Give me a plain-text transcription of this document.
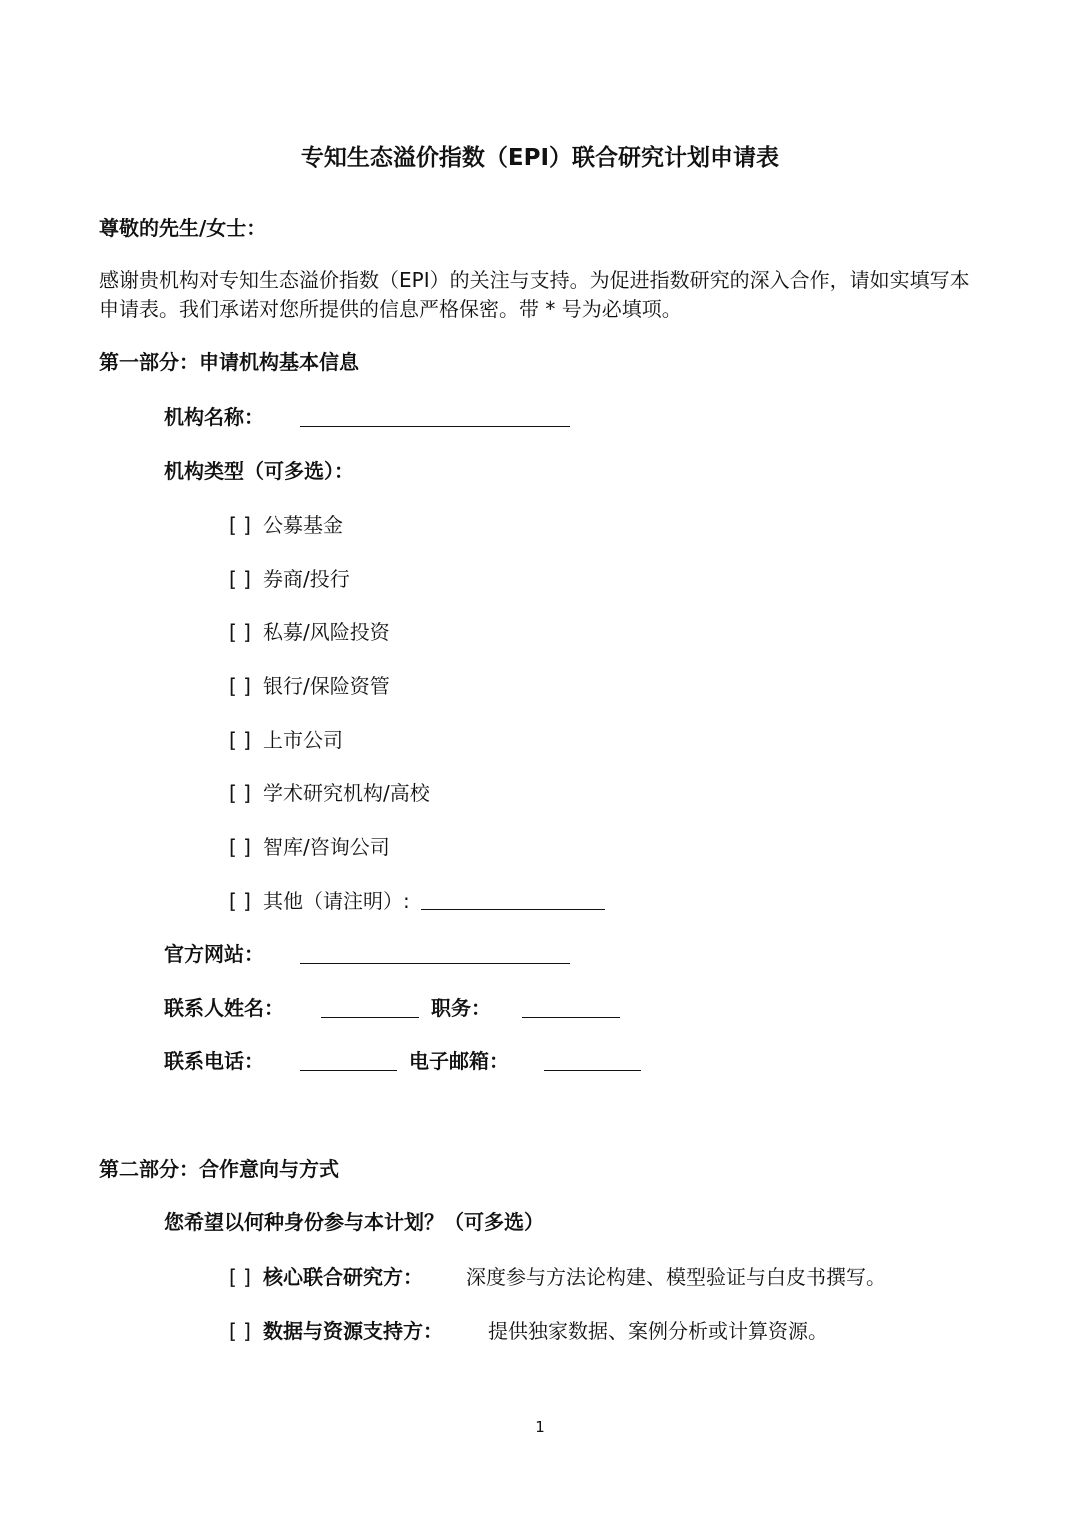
专知生态溢价指数（EPI）联合研究计划申请表
尊敬的先生/女士：
感谢贵机构对专知生态溢价指数（EPI）的关注与支持。为促进指数研究的深入合作，请如实填写本申请表。我们承诺对您所提供的信息严格保密。带 * 号为必填项。
第一部分：申请机构基本信息
机构名称：
机构类型（可多选）：
[ ] 公募基金
[ ] 券商/投行
[ ] 私募/风险投资
[ ] 银行/保险资管
[ ] 上市公司
[ ] 学术研究机构/高校
[ ] 智库/咨询公司
[ ] 其他（请注明）:
官方网站：
联系人姓名：	职务：
联系电话：	电子邮箱：
第二部分：合作意向与方式
您希望以何种身份参与本计划？（可多选）
[ ] 核心联合研究方： 深度参与方法论构建、模型验证与白皮书撰写。
[ ] 数据与资源支持方： 提供独家数据、案例分析或计算资源。
1
